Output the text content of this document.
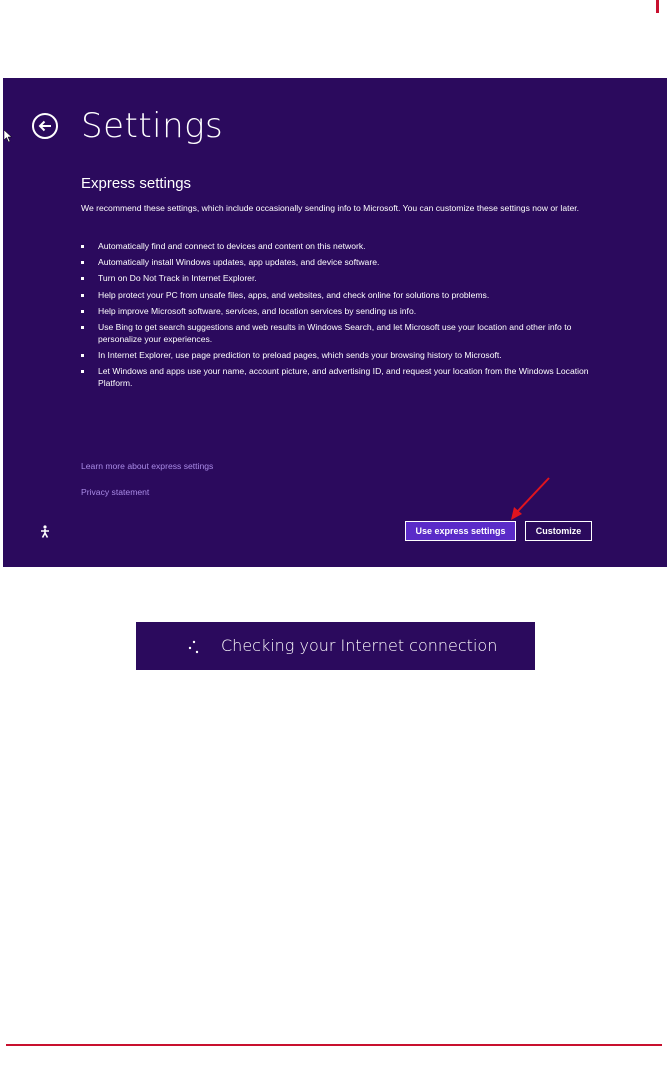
Settings
Express settings
We recommend these settings, which include occasionally sending info to Microsoft. You can customize these settings now or later.
Automatically find and connect to devices and content on this network.
Automatically install Windows updates, app updates, and device software.
Turn on Do Not Track in Internet Explorer.
Help protect your PC from unsafe files, apps, and websites, and check online for solutions to problems.
Help improve Microsoft software, services, and location services by sending us info.
Use Bing to get search suggestions and web results in Windows Search, and let Microsoft use your location and other info to personalize your experiences.
In Internet Explorer, use page prediction to preload pages, which sends your browsing history to Microsoft.
Let Windows and apps use your name, account picture, and advertising ID, and request your location from the Windows Location Platform.
Learn more about express settings
Privacy statement
Use express settings	Customize
Checking your Internet connection
